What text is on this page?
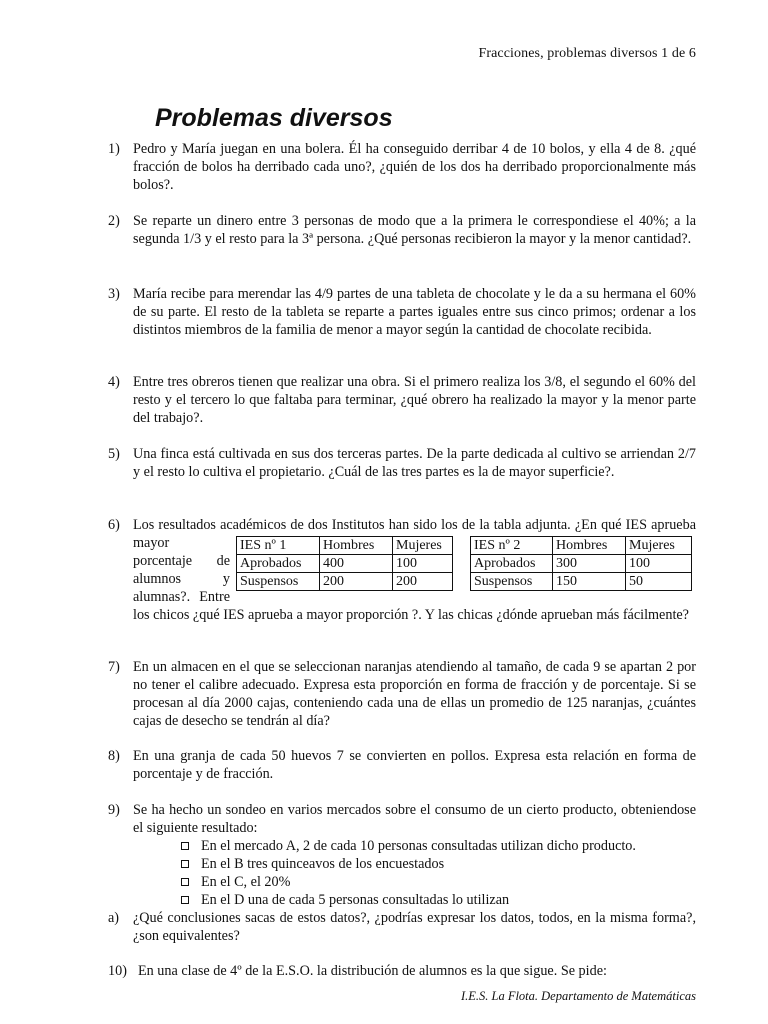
Fracciones, problemas diversos 1 de 6
Problemas diversos
1) Pedro y María juegan en una bolera. Él ha conseguido derribar 4 de 10 bolos, y ella 4 de 8. ¿qué fracción de bolos ha derribado cada uno?, ¿quién de los dos ha derribado proporcionalmente más bolos?.
2) Se reparte un dinero entre 3 personas de modo que a la primera le correspondiese el 40%; a la segunda 1/3 y el resto para la 3ª persona. ¿Qué personas recibieron la mayor y la menor cantidad?.
3) María recibe para merendar las 4/9 partes de una tableta de chocolate y le da a su hermana el 60% de su parte. El resto de la tableta se reparte a partes iguales entre sus cinco primos; ordenar a los distintos miembros de la familia de menor a mayor según la cantidad de chocolate recibida.
4) Entre tres obreros tienen que realizar una obra. Si el primero realiza los 3/8, el segundo el 60% del resto y el tercero lo que faltaba para terminar, ¿qué obrero ha realizado la mayor y la menor parte del trabajo?.
5) Una finca está cultivada en sus dos terceras partes. De la parte dedicada al cultivo se arriendan 2/7 y el resto lo cultiva el propietario. ¿Cuál de las tres partes es la de mayor superficie?.
6)
IES nº 1	Hombres	Mujeres
Aprobados	400	100
Suspensos	200	200
IES nº 2	Hombres	Mujeres
Aprobados	300	100
Suspensos	150	50
Los resultados académicos de dos Institutos han sido los de la tabla adjunta. ¿En qué IES aprueba mayor porcentaje de alumnos y alumnas?. Entre los chicos ¿qué IES aprueba a mayor proporción ?. Y las chicas ¿dónde aprueban más fácilmente?
7) En un almacen en el que se seleccionan naranjas atendiendo al tamaño, de cada 9 se apartan 2 por no tener el calibre adecuado. Expresa esta proporción en forma de fracción y de porcentaje. Si se procesan al día 2000 cajas, conteniendo cada una de ellas un promedio de 125 naranjas, ¿cuántes cajas de desecho se tendrán al día?
8) En una granja de cada 50 huevos 7 se convierten en pollos. Expresa esta relación en forma de porcentaje y de fracción.
9) Se ha hecho un sondeo en varios mercados sobre el consumo de un cierto producto, obteniendose el siguiente resultado:
En el mercado A, 2 de cada 10 personas consultadas utilizan dicho producto.
En el B tres quinceavos de los encuestados
En el C, el 20%
En el D una de cada 5 personas consultadas lo utilizan
a) ¿Qué conclusiones sacas de estos datos?, ¿podrías expresar los datos, todos, en la misma forma?, ¿son equivalentes?
10) En una clase de 4º de la E.S.O. la distribución de alumnos es la que sigue. Se pide:
I.E.S. La Flota. Departamento de Matemáticas
